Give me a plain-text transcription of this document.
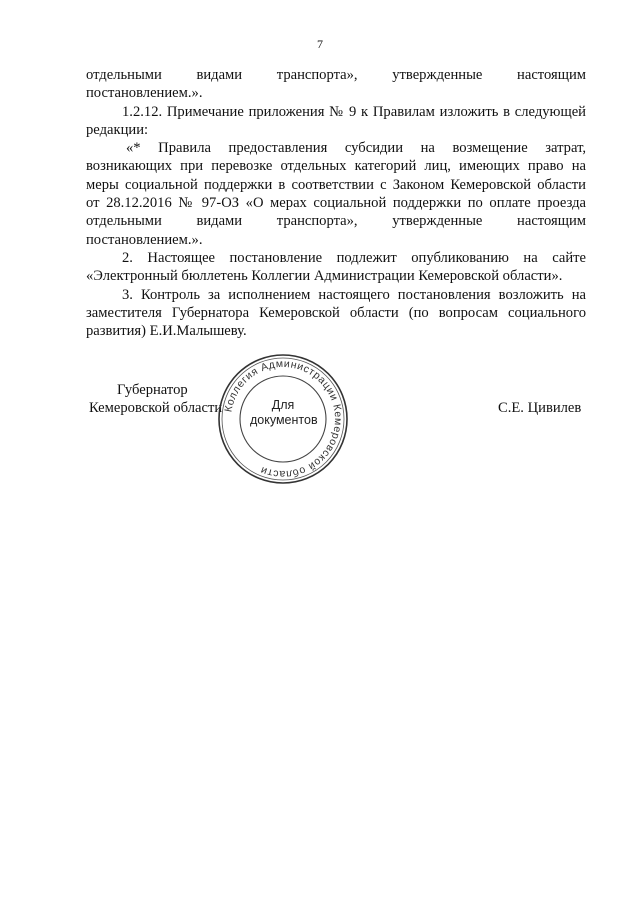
7

отдельными видами транспорта», утвержденные настоящим
постановлением.».

1.2.12. Примечание приложения № 9 к Правилам изложить в следующей редакции:

«* Правила предоставления субсидии на возмещение затрат,
возникающих при перевозке отдельных категорий лиц, имеющих право на
меры социальной поддержки в соответствии с Законом Кемеровской области
от 28.12.2016 № 97-ОЗ «О мерах социальной поддержки по оплате проезда
отдельными видами транспорта», утвержденные настоящим
постановлением.».

2. Настоящее постановление подлежит опубликованию на сайте «Электронный бюллетень Коллегии Администрации Кемеровской области».

3. Контроль за исполнением настоящего постановления возложить на заместителя Губернатора Кемеровской области (по вопросам социального развития) Е.И.Малышеву.

Губернатор
Кемеровской области	С.Е. Цивилев
Коллегия Администрации Кемеровской области
Для
документов
